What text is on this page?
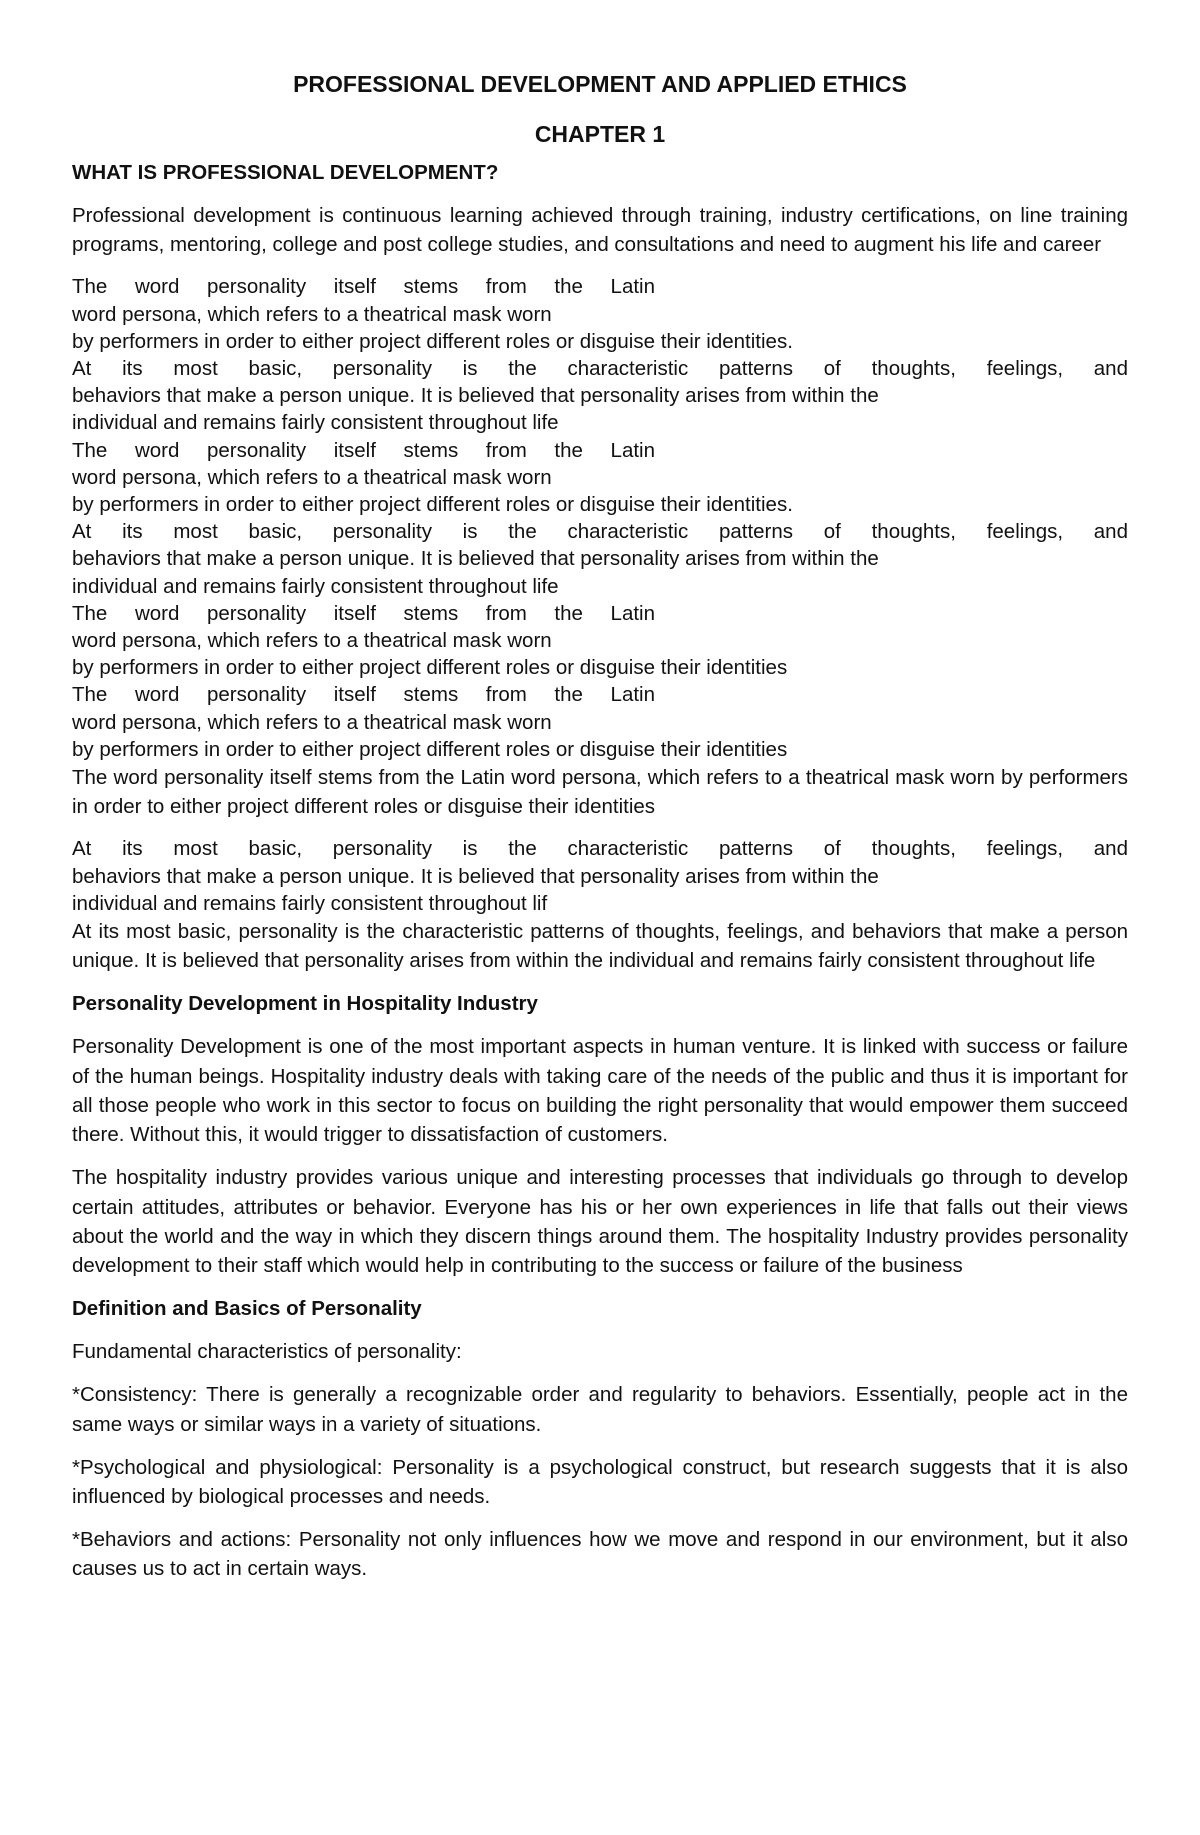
PROFESSIONAL DEVELOPMENT AND APPLIED ETHICS
CHAPTER 1
WHAT IS PROFESSIONAL DEVELOPMENT?
Professional development is continuous learning achieved through training, industry certifications, on line training programs, mentoring, college and post college studies, and consultations and need to augment his life and career
The word personality itself stems from the Latin
word persona, which refers to a theatrical mask worn
by performers in order to either project different roles or disguise their identities.
At its most basic, personality is the characteristic patterns of thoughts, feelings, and
behaviors that make a person unique. It is believed that personality arises from within the
individual and remains fairly consistent throughout life
The word personality itself stems from the Latin
word persona, which refers to a theatrical mask worn
by performers in order to either project different roles or disguise their identities.
At its most basic, personality is the characteristic patterns of thoughts, feelings, and
behaviors that make a person unique. It is believed that personality arises from within the
individual and remains fairly consistent throughout life
The word personality itself stems from the Latin
word persona, which refers to a theatrical mask worn
by performers in order to either project different roles or disguise their identities
The word personality itself stems from the Latin
word persona, which refers to a theatrical mask worn
by performers in order to either project different roles or disguise their identities
The word personality itself stems from the Latin word persona, which refers to a theatrical mask worn by performers in order to either project different roles or disguise their identities
At its most basic, personality is the characteristic patterns of thoughts, feelings, and
behaviors that make a person unique. It is believed that personality arises from within the
individual and remains fairly consistent throughout lif
At its most basic, personality is the characteristic patterns of thoughts, feelings, and behaviors that make a person unique. It is believed that personality arises from within the individual and remains fairly consistent throughout life
Personality Development in Hospitality Industry
Personality Development is one of the most important aspects in human venture. It is linked with success or failure of the human beings. Hospitality industry deals with taking care of the needs of the public and thus it is important for all those people who work in this sector to focus on building the right personality that would empower them succeed there. Without this, it would trigger to dissatisfaction of customers.
The hospitality industry provides various unique and interesting processes that individuals go through to develop certain attitudes, attributes or behavior. Everyone has his or her own experiences in life that falls out their views about the world and the way in which they discern things around them. The hospitality Industry provides personality development to their staff which would help in contributing to the success or failure of the business
Definition and Basics of Personality
Fundamental characteristics of personality:
*Consistency: There is generally a recognizable order and regularity to behaviors. Essentially, people act in the same ways or similar ways in a variety of situations.
*Psychological and physiological: Personality is a psychological construct, but research suggests that it is also influenced by biological processes and needs.
*Behaviors and actions: Personality not only influences how we move and respond in our environment, but it also causes us to act in certain ways.
